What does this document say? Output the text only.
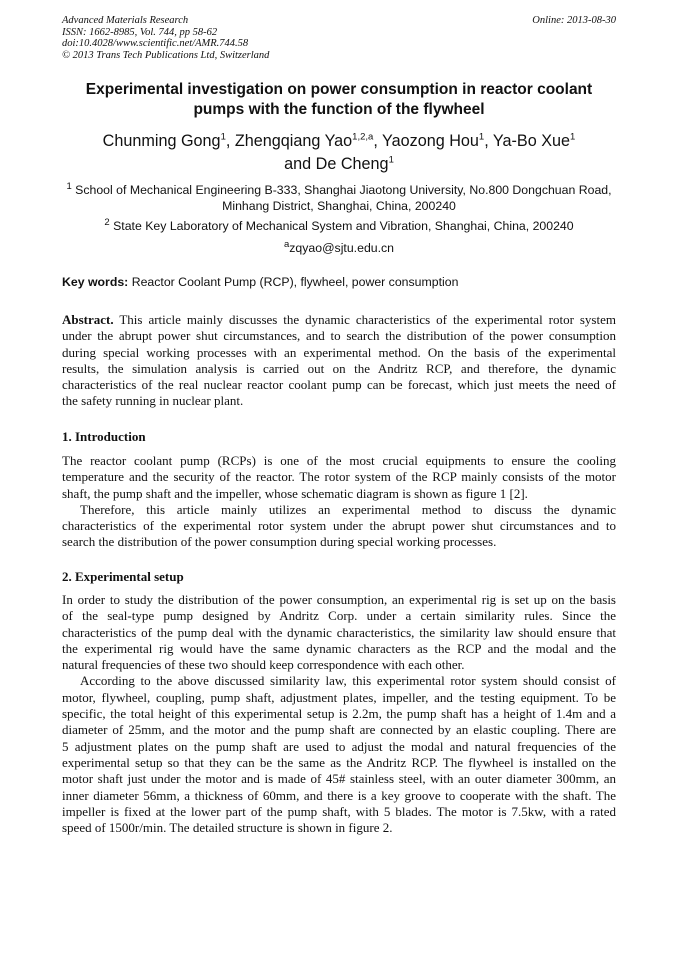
Advanced Materials Research
ISSN: 1662-8985, Vol. 744, pp 58-62
doi:10.4028/www.scientific.net/AMR.744.58
© 2013 Trans Tech Publications Ltd, Switzerland
Online: 2013-08-30
Experimental investigation on power consumption in reactor coolant
pumps with the function of the flywheel
Chunming Gong$^1$, Zhengqiang Yao$^{1,2,a}$, Yaozong Hou$^1$, Ya-Bo Xue$^1$
and De Cheng$^1$
$^1$ School of Mechanical Engineering B-333, Shanghai Jiaotong University, No.800 Dongchuan Road,
Minhang District, Shanghai, China, 200240
$^2$ State Key Laboratory of Mechanical System and Vibration, Shanghai, China, 200240
$^a$zqyao@sjtu.edu.cn
Key words: Reactor Coolant Pump (RCP), flywheel, power consumption
Abstract. This article mainly discusses the dynamic characteristics of the experimental rotor system
under the abrupt power shut circumstances, and to search the distribution of the power consumption
during special working processes with an experimental method. On the basis of the experimental
results, the simulation analysis is carried out on the Andritz RCP, and therefore, the dynamic
characteristics of the real nuclear reactor coolant pump can be forecast, which just meets the need of
the safety running in nuclear plant.
1. Introduction
The reactor coolant pump (RCPs) is one of the most crucial equipments to ensure the cooling
temperature and the security of the reactor. The rotor system of the RCP mainly consists of the motor
shaft, the pump shaft and the impeller, whose schematic diagram is shown as figure 1 [2].
Therefore, this article mainly utilizes an experimental method to discuss the dynamic
characteristics of the experimental rotor system under the abrupt power shut circumstances and to
search the distribution of the power consumption during special working processes.
2. Experimental setup
In order to study the distribution of the power consumption, an experimental rig is set up on the basis
of the seal-type pump designed by Andritz Corp. under a certain similarity rules. Since the
characteristics of the pump deal with the dynamic characteristics, the similarity law should ensure that
the experimental rig would have the same dynamic characters as the RCP and the modal and the
natural frequencies of these two should keep correspondence with each other.
According to the above discussed similarity law, this experimental rotor system should consist of
motor, flywheel, coupling, pump shaft, adjustment plates, impeller, and the testing equipment. To be
specific, the total height of this experimental setup is 2.2m, the pump shaft has a height of 1.4m and a
diameter of 25mm, and the motor and the pump shaft are connected by an elastic coupling. There are
5 adjustment plates on the pump shaft are used to adjust the modal and natural frequencies of the
experimental setup so that they can be the same as the Andritz RCP. The flywheel is installed on the
motor shaft just under the motor and is made of 45# stainless steel, with an outer diameter 300mm, an
inner diameter 56mm, a thickness of 60mm, and there is a key groove to cooperate with the shaft. The
impeller is fixed at the lower part of the pump shaft, with 5 blades. The motor is 7.5kw, with a rated
speed of 1500r/min. The detailed structure is shown in figure 2.
